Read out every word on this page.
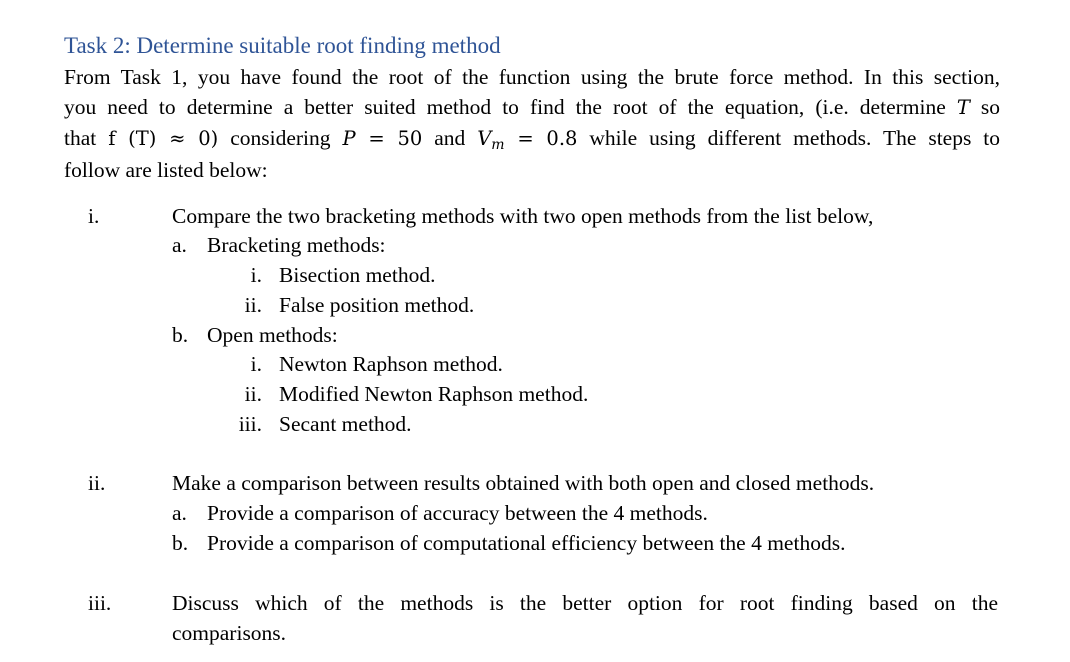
Task 2: Determine suitable root finding method
From Task 1, you have found the root of the function using the brute force method. In this section,
you need to determine a better suited method to find the root of the equation, (i.e. determine T so
that f (T) ≈ 0) considering P = 50 and $V_m = 0.8$ while using different methods. The steps to
follow are listed below:
i.	Compare the two bracketing methods with two open methods from the list below,
a. Bracketing methods:
i. Bisection method.
ii. False position method.
b. Open methods:
i. Newton Raphson method.
ii. Modified Newton Raphson method.
iii. Secant method.
ii.	Make a comparison between results obtained with both open and closed methods.
a. Provide a comparison of accuracy between the 4 methods.
b. Provide a comparison of computational efficiency between the 4 methods.
iii.	Discuss which of the methods is the better option for root finding based on the
comparisons.
